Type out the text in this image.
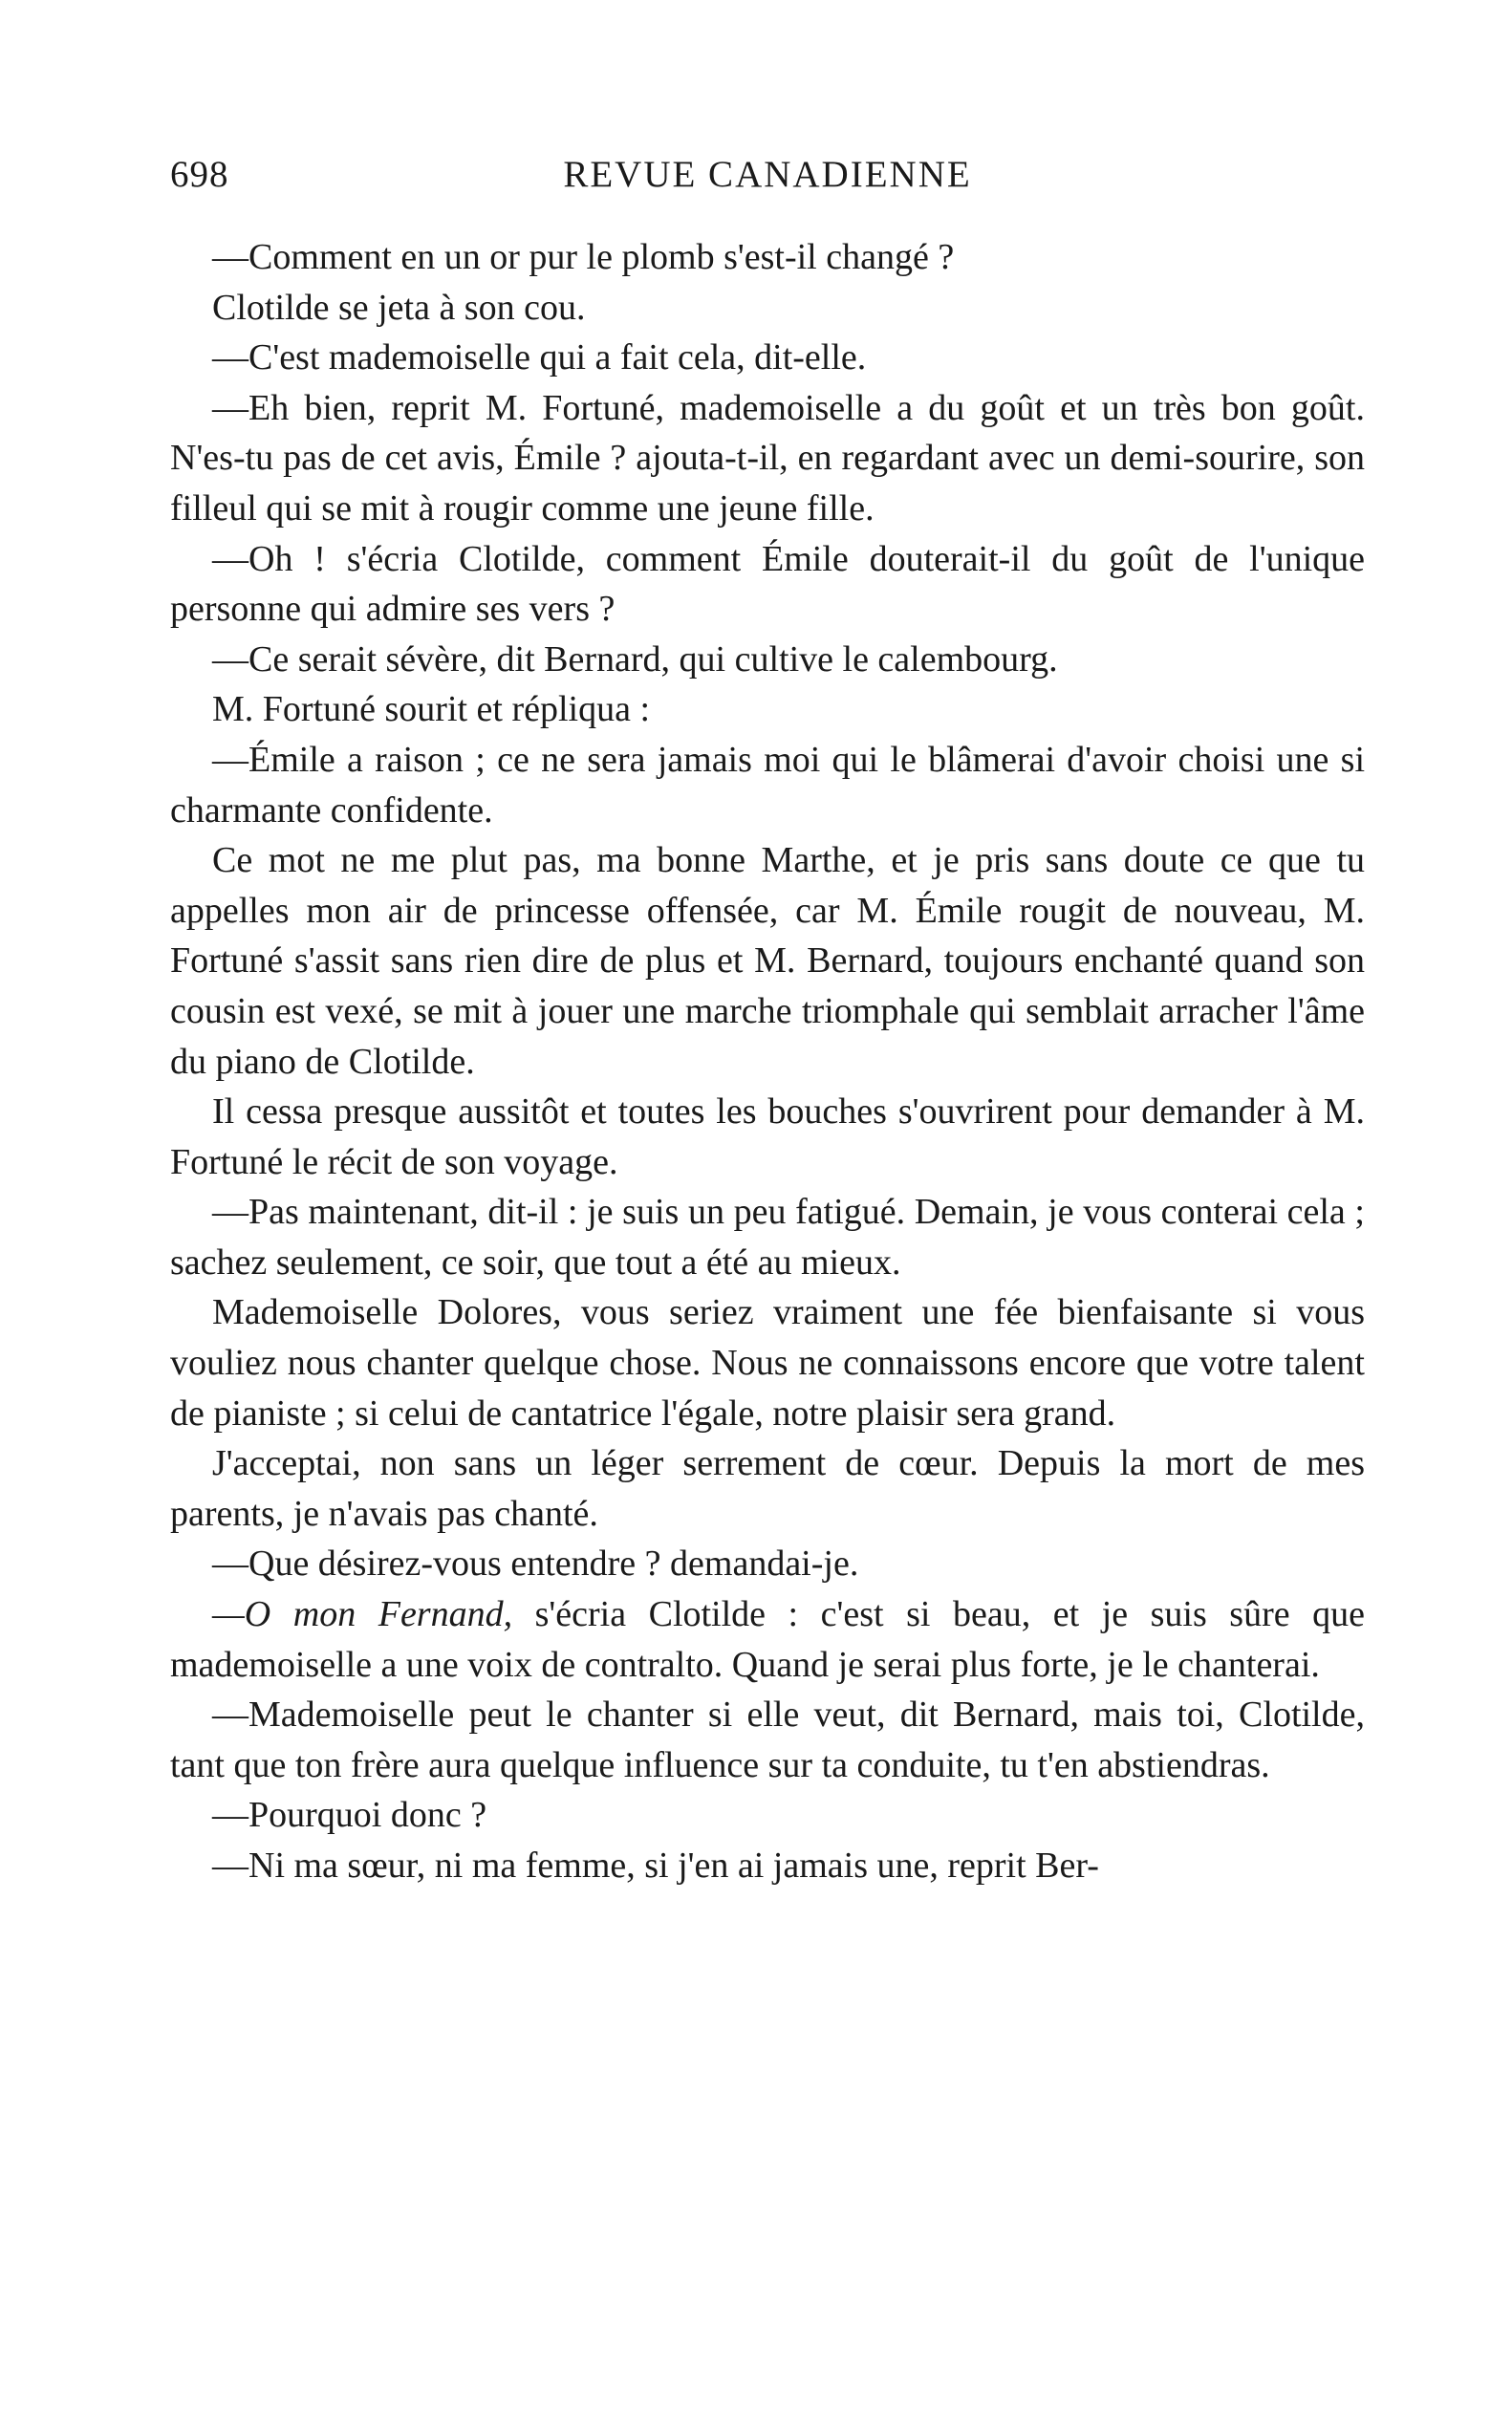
698	REVUE CANADIENNE

—Comment en un or pur le plomb s'est-il changé ?

Clotilde se jeta à son cou.

—C'est mademoiselle qui a fait cela, dit-elle.

—Eh bien, reprit M. Fortuné, mademoiselle a du goût et un très bon goût. N'es-tu pas de cet avis, Émile ? ajouta-t-il, en regardant avec un demi-sourire, son filleul qui se mit à rougir comme une jeune fille.

—Oh ! s'écria Clotilde, comment Émile douterait-il du goût de l'unique personne qui admire ses vers ?

—Ce serait sévère, dit Bernard, qui cultive le calembourg.

M. Fortuné sourit et répliqua :

—Émile a raison ; ce ne sera jamais moi qui le blâmerai d'avoir choisi une si charmante confidente.

Ce mot ne me plut pas, ma bonne Marthe, et je pris sans doute ce que tu appelles mon air de princesse offensée, car M. Émile rougit de nouveau, M. Fortuné s'assit sans rien dire de plus et M. Bernard, toujours enchanté quand son cousin est vexé, se mit à jouer une marche triomphale qui semblait arracher l'âme du piano de Clotilde.

Il cessa presque aussitôt et toutes les bouches s'ouvrirent pour demander à M. Fortuné le récit de son voyage.

—Pas maintenant, dit-il : je suis un peu fatigué. Demain, je vous conterai cela ; sachez seulement, ce soir, que tout a été au mieux.

Mademoiselle Dolores, vous seriez vraiment une fée bienfaisante si vous vouliez nous chanter quelque chose. Nous ne connaissons encore que votre talent de pianiste ; si celui de cantatrice l'égale, notre plaisir sera grand.

J'acceptai, non sans un léger serrement de cœur. Depuis la mort de mes parents, je n'avais pas chanté.

—Que désirez-vous entendre ? demandai-je.

—O mon Fernand, s'écria Clotilde : c'est si beau, et je suis sûre que mademoiselle a une voix de contralto. Quand je serai plus forte, je le chanterai.

—Mademoiselle peut le chanter si elle veut, dit Bernard, mais toi, Clotilde, tant que ton frère aura quelque influence sur ta conduite, tu t'en abstiendras.

—Pourquoi donc ?

—Ni ma sœur, ni ma femme, si j'en ai jamais une, reprit Ber-
